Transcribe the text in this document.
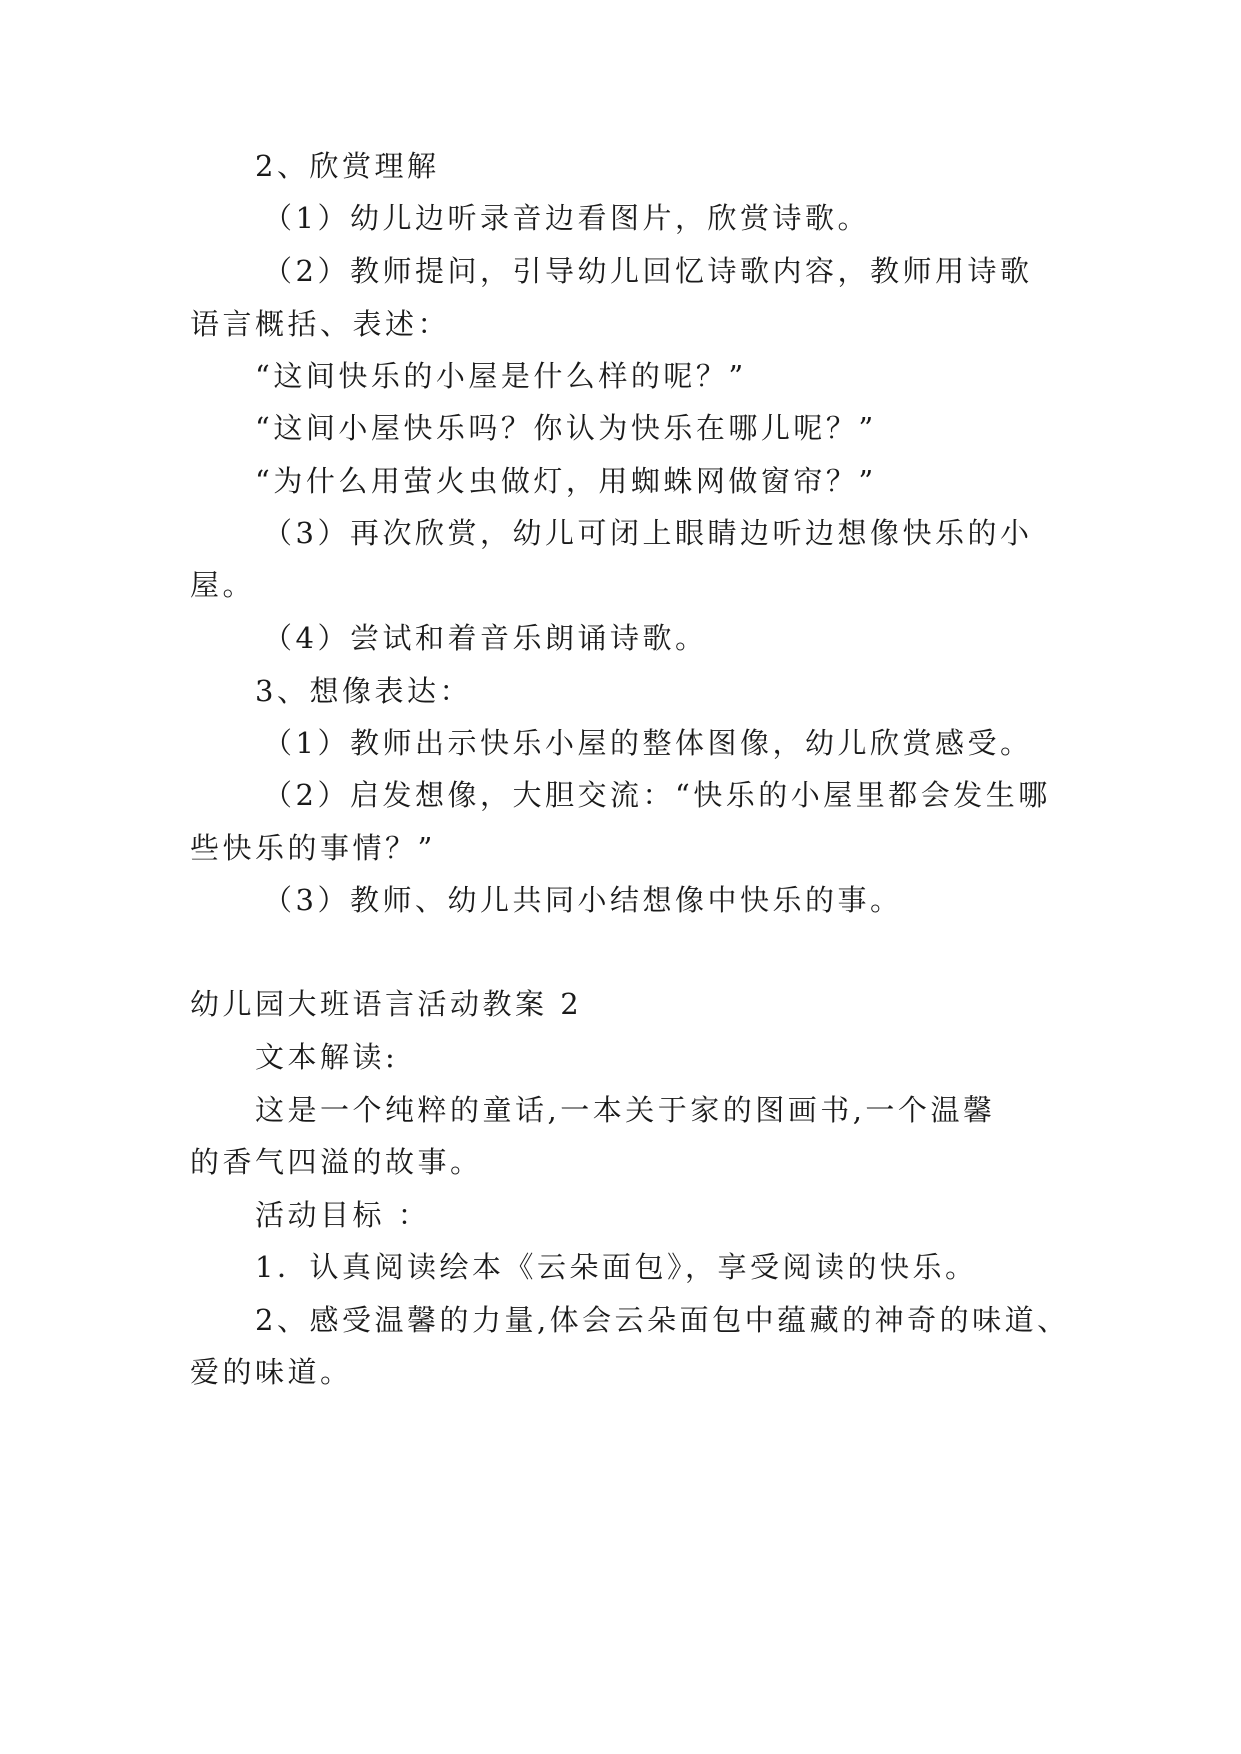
2、欣赏理解
（1）幼儿边听录音边看图片，欣赏诗歌。
（2）教师提问，引导幼儿回忆诗歌内容，教师用诗歌
语言概括、表述：
“这间快乐的小屋是什么样的呢？”
“这间小屋快乐吗？你认为快乐在哪儿呢？”
“为什么用萤火虫做灯，用蜘蛛网做窗帘？”
（3）再次欣赏，幼儿可闭上眼睛边听边想像快乐的小
屋。
（4）尝试和着音乐朗诵诗歌。
3、想像表达：
（1）教师出示快乐小屋的整体图像，幼儿欣赏感受。
（2）启发想像，大胆交流：“快乐的小屋里都会发生哪
些快乐的事情？”
（3）教师、幼儿共同小结想像中快乐的事。
幼儿园大班语言活动教案 2
文本解读:
这是一个纯粹的童话,一本关于家的图画书,一个温馨
的香气四溢的故事。
活动目标 ：
1．认真阅读绘本《云朵面包》，享受阅读的快乐。
2、感受温馨的力量,体会云朵面包中蕴藏的神奇的味道、
爱的味道。
